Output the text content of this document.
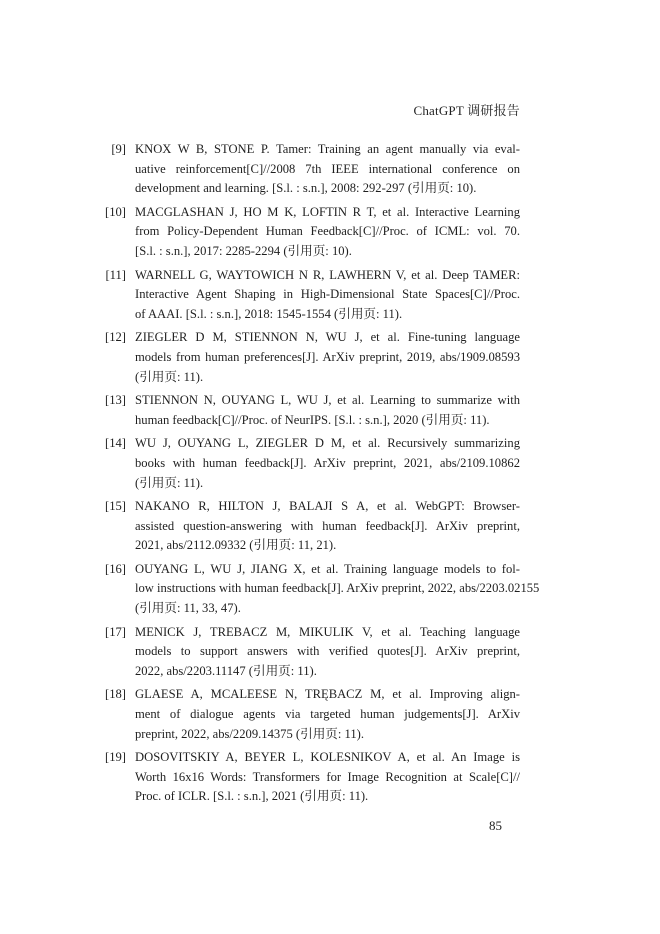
ChatGPT 调研报告
[9] KNOX W B, STONE P. Tamer: Training an agent manually via eval-
uative reinforcement[C]//2008 7th IEEE international conference on
development and learning. [S.l. : s.n.], 2008: 292-297 (引用页: 10).
[10] MACGLASHAN J, HO M K, LOFTIN R T, et al. Interactive Learning
from Policy-Dependent Human Feedback[C]//Proc. of ICML: vol. 70.
[S.l. : s.n.], 2017: 2285-2294 (引用页: 10).
[11] WARNELL G, WAYTOWICH N R, LAWHERN V, et al. Deep TAMER:
Interactive Agent Shaping in High-Dimensional State Spaces[C]//Proc.
of AAAI. [S.l. : s.n.], 2018: 1545-1554 (引用页: 11).
[12] ZIEGLER D M, STIENNON N, WU J, et al. Fine-tuning language
models from human preferences[J]. ArXiv preprint, 2019, abs/1909.08593
(引用页: 11).
[13] STIENNON N, OUYANG L, WU J, et al. Learning to summarize with
human feedback[C]//Proc. of NeurIPS. [S.l. : s.n.], 2020 (引用页: 11).
[14] WU J, OUYANG L, ZIEGLER D M, et al. Recursively summarizing
books with human feedback[J]. ArXiv preprint, 2021, abs/2109.10862
(引用页: 11).
[15] NAKANO R, HILTON J, BALAJI S A, et al. WebGPT: Browser-
assisted question-answering with human feedback[J]. ArXiv preprint,
2021, abs/2112.09332 (引用页: 11, 21).
[16] OUYANG L, WU J, JIANG X, et al. Training language models to fol-
low instructions with human feedback[J]. ArXiv preprint, 2022, abs/2203.02155
(引用页: 11, 33, 47).
[17] MENICK J, TREBACZ M, MIKULIK V, et al. Teaching language
models to support answers with verified quotes[J]. ArXiv preprint,
2022, abs/2203.11147 (引用页: 11).
[18] GLAESE A, MCALEESE N, TRĘBACZ M, et al. Improving align-
ment of dialogue agents via targeted human judgements[J]. ArXiv
preprint, 2022, abs/2209.14375 (引用页: 11).
[19] DOSOVITSKIY A, BEYER L, KOLESNIKOV A, et al. An Image is
Worth 16x16 Words: Transformers for Image Recognition at Scale[C]//
Proc. of ICLR. [S.l. : s.n.], 2021 (引用页: 11).
85
